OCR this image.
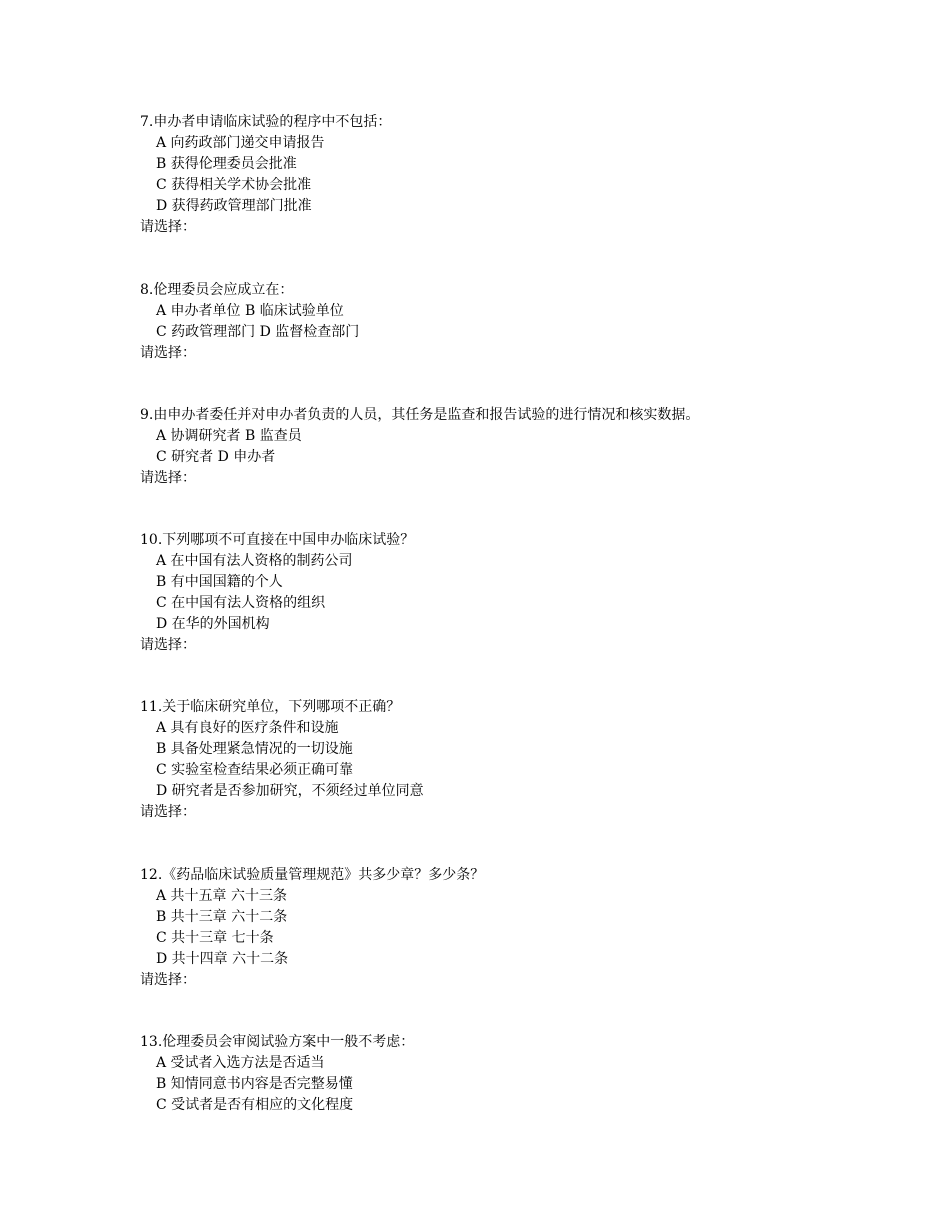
7.申办者申请临床试验的程序中不包括：
A 向药政部门递交申请报告
B 获得伦理委员会批准
C 获得相关学术协会批准
D 获得药政管理部门批准
请选择：
8.伦理委员会应成立在：
A 申办者单位 B 临床试验单位
C 药政管理部门 D 监督检查部门
请选择：
9.由申办者委任并对申办者负责的人员，其任务是监查和报告试验的进行情况和核实数据。
A 协调研究者 B 监查员
C 研究者 D 申办者
请选择：
10.下列哪项不可直接在中国申办临床试验？
A 在中国有法人资格的制药公司
B 有中国国籍的个人
C 在中国有法人资格的组织
D 在华的外国机构
请选择：
11.关于临床研究单位，下列哪项不正确？
A 具有良好的医疗条件和设施
B 具备处理紧急情况的一切设施
C 实验室检查结果必须正确可靠
D 研究者是否参加研究，不须经过单位同意
请选择：
12.《药品临床试验质量管理规范》共多少章？多少条？
A 共十五章 六十三条
B 共十三章 六十二条
C 共十三章 七十条
D 共十四章 六十二条
请选择：
13.伦理委员会审阅试验方案中一般不考虑：
A 受试者入选方法是否适当
B 知情同意书内容是否完整易懂
C 受试者是否有相应的文化程度
